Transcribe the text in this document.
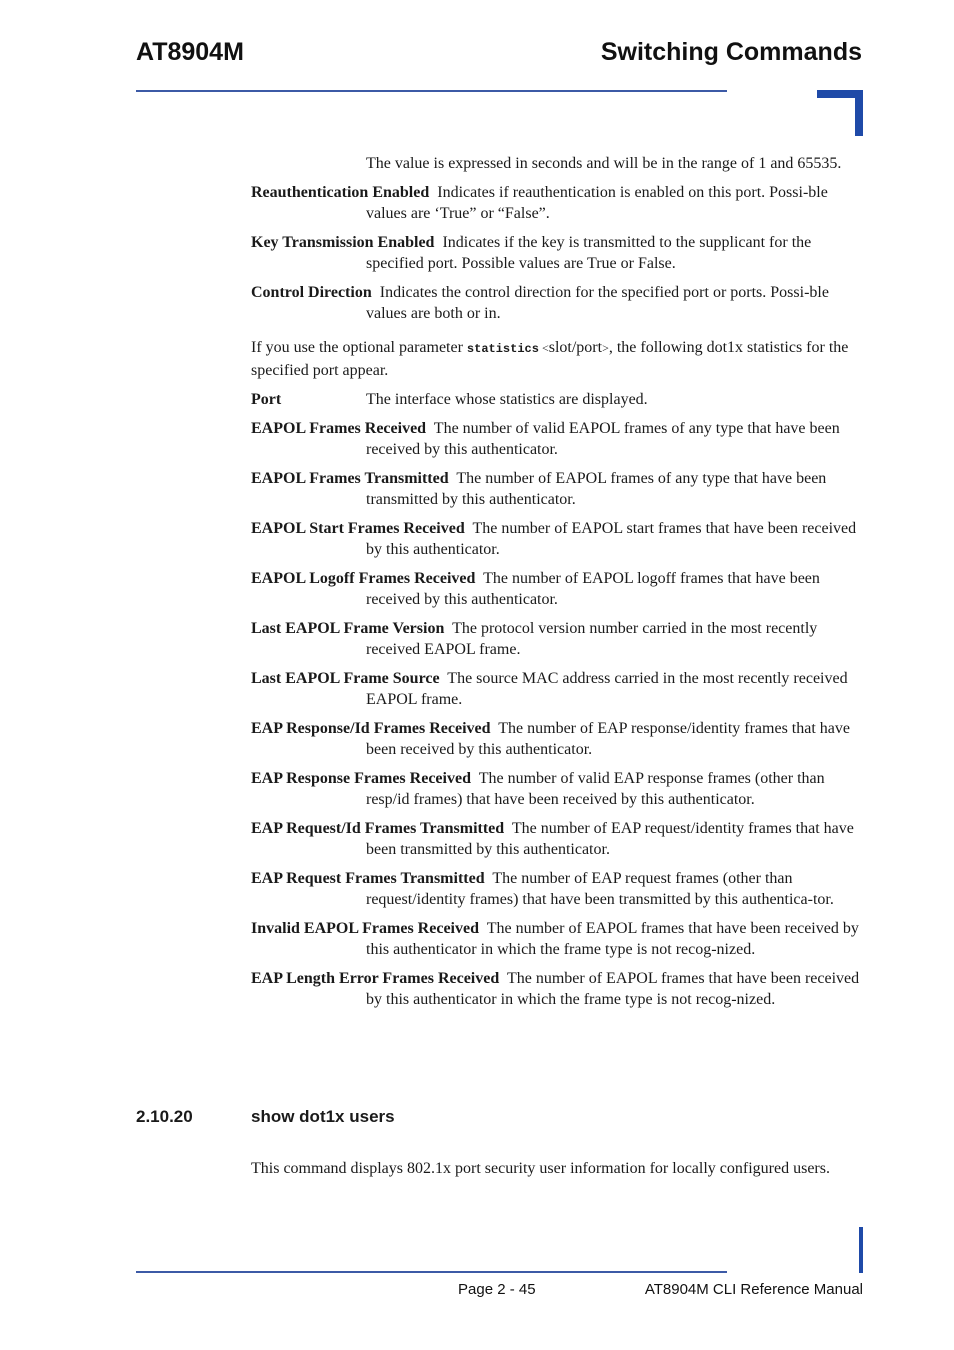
AT8904M	Switching Commands

The value is expressed in seconds and will be in the range of 1 and 65535.

Reauthentication Enabled Indicates if reauthentication is enabled on this port. Possi-ble values are ‘True” or “False”.

Key Transmission Enabled Indicates if the key is transmitted to the supplicant for the specified port. Possible values are True or False.

Control Direction Indicates the control direction for the specified port or ports. Possi-ble values are both or in.

If you use the optional parameter statistics <slot/port>, the following dot1x statistics for the specified port appear.

Port	The interface whose statistics are displayed.

EAPOL Frames Received The number of valid EAPOL frames of any type that have been received by this authenticator.

EAPOL Frames Transmitted The number of EAPOL frames of any type that have been transmitted by this authenticator.

EAPOL Start Frames Received The number of EAPOL start frames that have been received by this authenticator.

EAPOL Logoff Frames Received The number of EAPOL logoff frames that have been received by this authenticator.

Last EAPOL Frame Version The protocol version number carried in the most recently received EAPOL frame.

Last EAPOL Frame Source The source MAC address carried in the most recently received EAPOL frame.

EAP Response/Id Frames Received The number of EAP response/identity frames that have been received by this authenticator.

EAP Response Frames Received The number of valid EAP response frames (other than resp/id frames) that have been received by this authenticator.

EAP Request/Id Frames Transmitted The number of EAP request/identity frames that have been transmitted by this authenticator.

EAP Request Frames Transmitted The number of EAP request frames (other than request/identity frames) that have been transmitted by this authentica-tor.

Invalid EAPOL Frames Received The number of EAPOL frames that have been received by this authenticator in which the frame type is not recog-nized.

EAP Length Error Frames Received The number of EAPOL frames that have been received by this authenticator in which the frame type is not recog-nized.

2.10.20	show dot1x users

This command displays 802.1x port security user information for locally configured users.

Page 2 - 45	AT8904M CLI Reference Manual
